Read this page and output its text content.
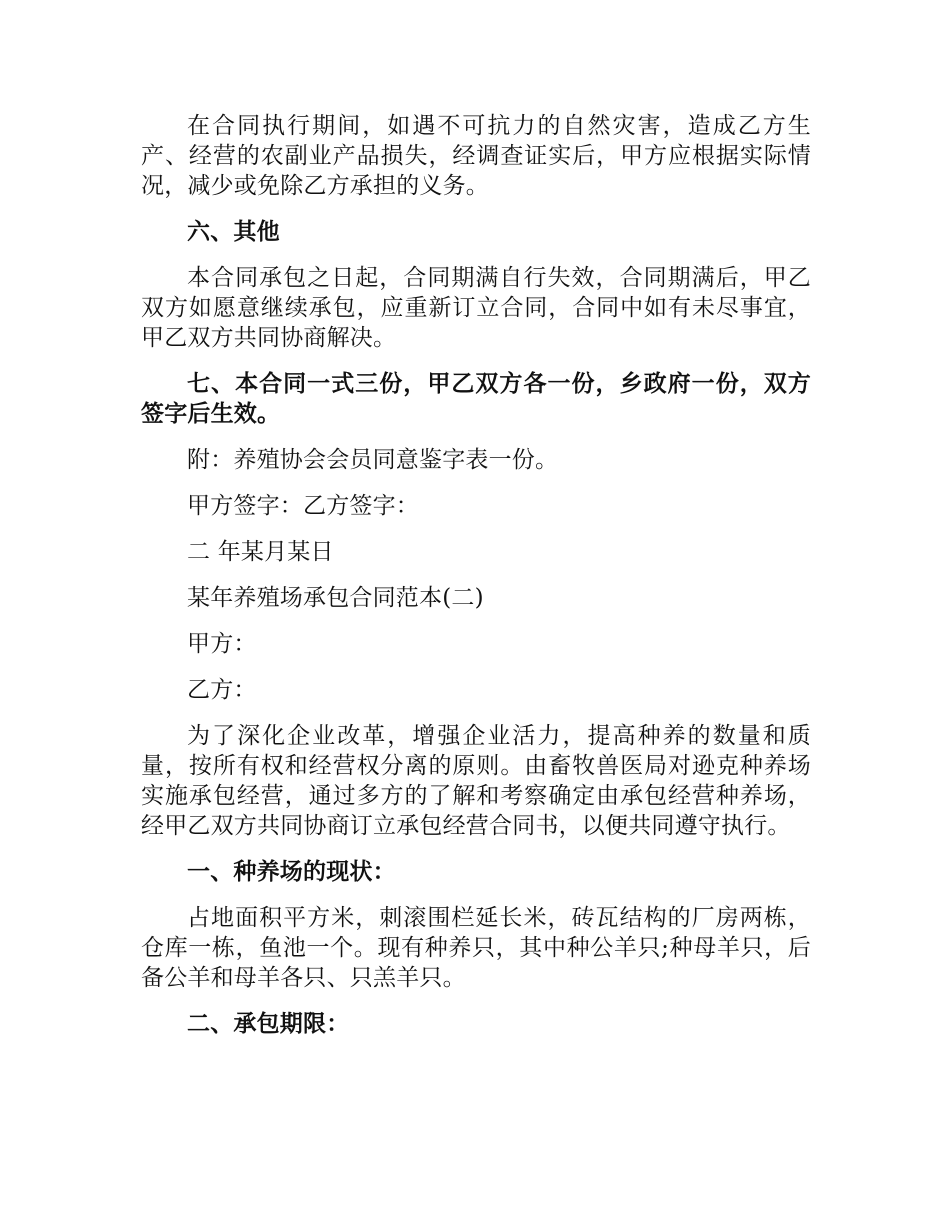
在合同执行期间，如遇不可抗力的自然灾害，造成乙方生产、经营的农副业产品损失，经调查证实后，甲方应根据实际情况，减少或免除乙方承担的义务。

六、其他

本合同承包之日起，合同期满自行失效，合同期满后，甲乙双方如愿意继续承包，应重新订立合同，合同中如有未尽事宜，甲乙双方共同协商解决。

七、本合同一式三份，甲乙双方各一份，乡政府一份，双方签字后生效。

附：养殖协会会员同意鉴字表一份。

甲方签字：乙方签字：

二 年某月某日

某年养殖场承包合同范本(二)

甲方：

乙方：

为了深化企业改革，增强企业活力，提高种养的数量和质量，按所有权和经营权分离的原则。由畜牧兽医局对逊克种养场实施承包经营，通过多方的了解和考察确定由承包经营种养场，经甲乙双方共同协商订立承包经营合同书，以便共同遵守执行。

一、种养场的现状：

占地面积平方米，刺滚围栏延长米，砖瓦结构的厂房两栋，仓库一栋，鱼池一个。现有种养只，其中种公羊只;种母羊只，后备公羊和母羊各只、只羔羊只。

二、承包期限：
